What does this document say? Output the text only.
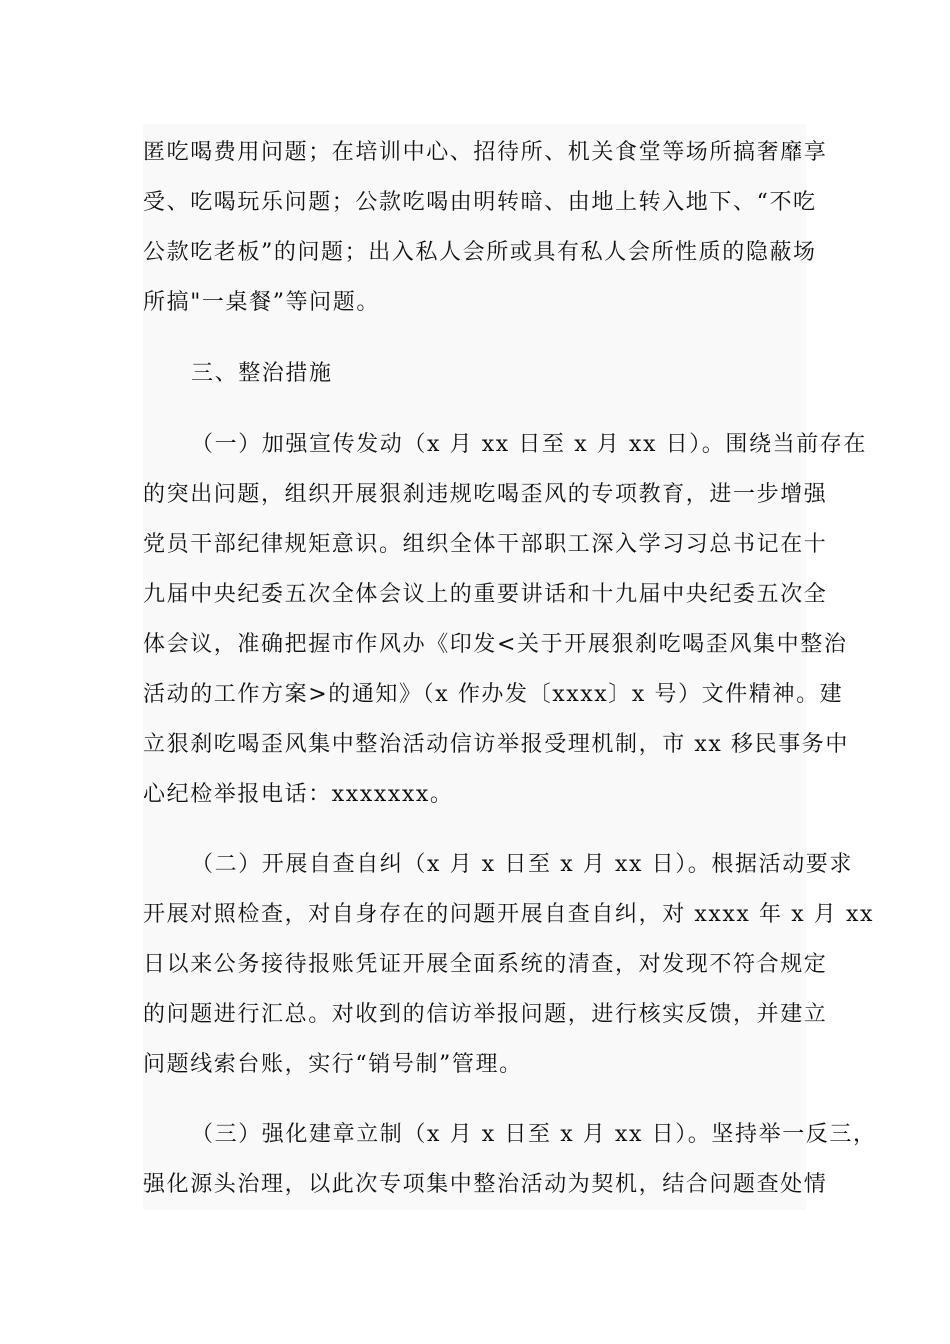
匿吃喝费用问题；在培训中心、招待所、机关食堂等场所搞奢靡享
受、吃喝玩乐问题；公款吃喝由明转暗、由地上转入地下、“不吃
公款吃老板”的问题；出入私人会所或具有私人会所性质的隐蔽场
所搞"一桌餐”等问题。
三、整治措施
（一）加强宣传发动（x 月 xx 日至 x 月 xx 日）。围绕当前存在
的突出问题，组织开展狠刹违规吃喝歪风的专项教育，进一步增强
党员干部纪律规矩意识。组织全体干部职工深入学习习总书记在十
九届中央纪委五次全体会议上的重要讲话和十九届中央纪委五次全
体会议，准确把握市作风办《印发<关于开展狠刹吃喝歪风集中整治
活动的工作方案>的通知》（x 作办发〔xxxx〕x 号）文件精神。建
立狠刹吃喝歪风集中整治活动信访举报受理机制，市 xx 移民事务中
心纪检举报电话：xxxxxxx。
（二）开展自查自纠（x 月 x 日至 x 月 xx 日）。根据活动要求
开展对照检查，对自身存在的问题开展自查自纠，对 xxxx 年 x 月 xx
日以来公务接待报账凭证开展全面系统的清查，对发现不符合规定
的问题进行汇总。对收到的信访举报问题，进行核实反馈，并建立
问题线索台账，实行“销号制”管理。
（三）强化建章立制（x 月 x 日至 x 月 xx 日）。坚持举一反三，
强化源头治理，以此次专项集中整治活动为契机，结合问题查处情
